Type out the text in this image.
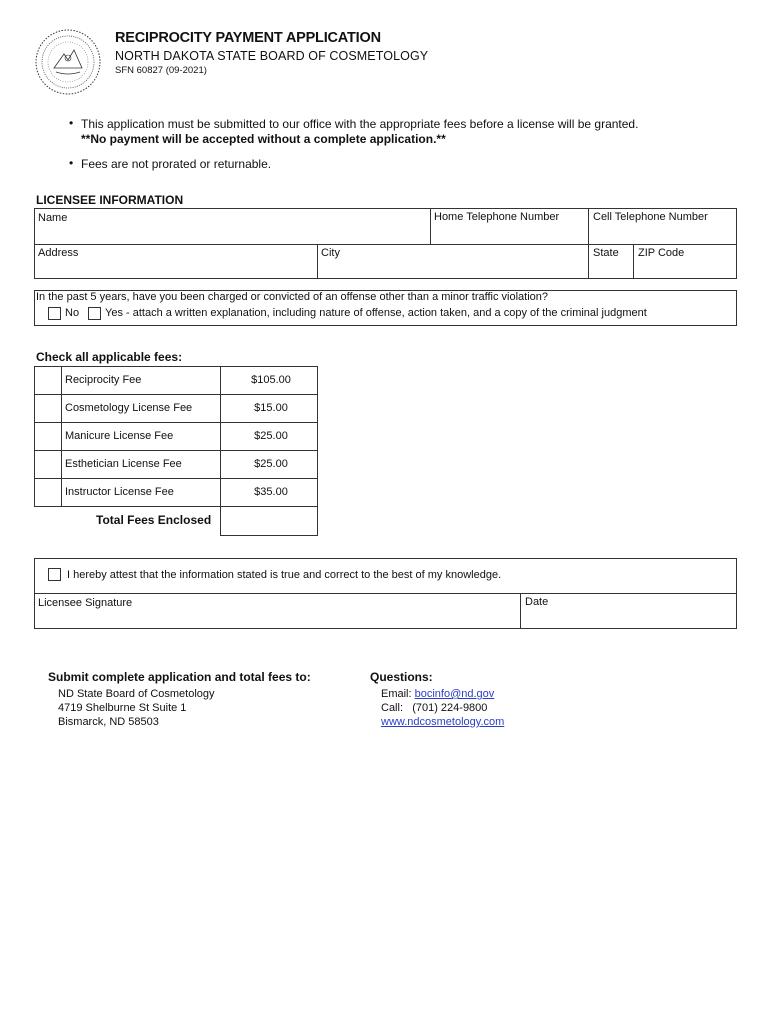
RECIPROCITY PAYMENT APPLICATION
NORTH DAKOTA STATE BOARD OF COSMETOLOGY
SFN 60827 (09-2021)
• This application must be submitted to our office with the appropriate fees before a license will be granted.
**No payment will be accepted without a complete application.**
• Fees are not prorated or returnable.
LICENSEE INFORMATION
Name	Home Telephone Number	Cell Telephone Number
Address	City	State ZIP Code
In the past 5 years, have you been charged or convicted of an offense other than a minor traffic violation?
No Yes - attach a written explanation, including nature of offense, action taken, and a copy of the criminal judgment
Check all applicable fees:
Reciprocity Fee	$105.00
Cosmetology License Fee	$15.00
Manicure License Fee	$25.00
Esthetician License Fee	$25.00
Instructor License Fee	$35.00
Total Fees Enclosed
I hereby attest that the information stated is true and correct to the best of my knowledge.
Licensee Signature	Date
Submit complete application and total fees to:
ND State Board of Cosmetology
4719 Shelburne St Suite 1
Bismarck, ND 58503
Questions:
Email: bocinfo@nd.gov
Call: (701) 224-9800
www.ndcosmetology.com
